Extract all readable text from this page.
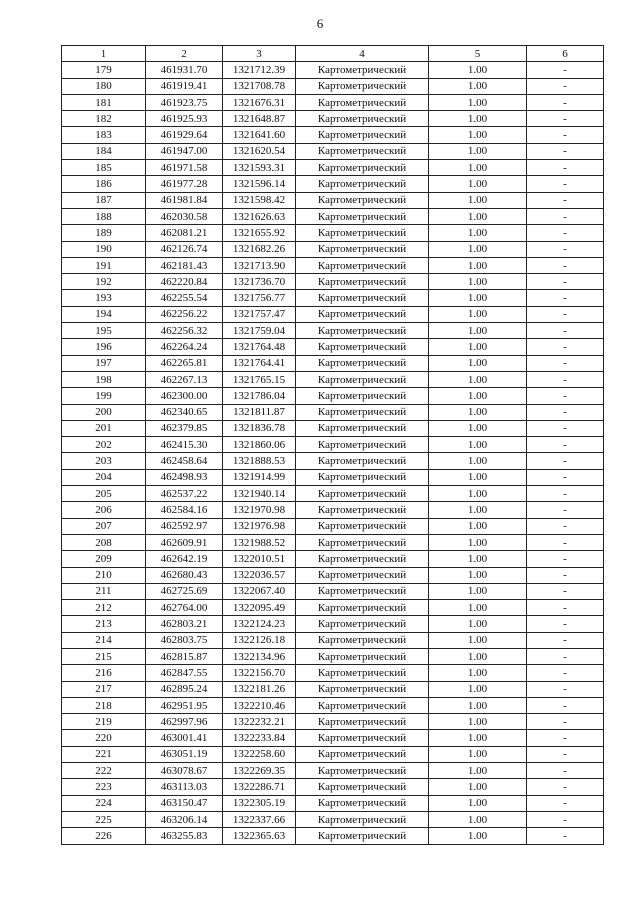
6
1	2	3	4	5	6
179	461931.70	1321712.39	Картометрический	1.00	-
180	461919.41	1321708.78	Картометрический	1.00	-
181	461923.75	1321676.31	Картометрический	1.00	-
182	461925.93	1321648.87	Картометрический	1.00	-
183	461929.64	1321641.60	Картометрический	1.00	-
184	461947.00	1321620.54	Картометрический	1.00	-
185	461971.58	1321593.31	Картометрический	1.00	-
186	461977.28	1321596.14	Картометрический	1.00	-
187	461981.84	1321598.42	Картометрический	1.00	-
188	462030.58	1321626.63	Картометрический	1.00	-
189	462081.21	1321655.92	Картометрический	1.00	-
190	462126.74	1321682.26	Картометрический	1.00	-
191	462181.43	1321713.90	Картометрический	1.00	-
192	462220.84	1321736.70	Картометрический	1.00	-
193	462255.54	1321756.77	Картометрический	1.00	-
194	462256.22	1321757.47	Картометрический	1.00	-
195	462256.32	1321759.04	Картометрический	1.00	-
196	462264.24	1321764.48	Картометрический	1.00	-
197	462265.81	1321764.41	Картометрический	1.00	-
198	462267.13	1321765.15	Картометрический	1.00	-
199	462300.00	1321786.04	Картометрический	1.00	-
200	462340.65	1321811.87	Картометрический	1.00	-
201	462379.85	1321836.78	Картометрический	1.00	-
202	462415.30	1321860.06	Картометрический	1.00	-
203	462458.64	1321888.53	Картометрический	1.00	-
204	462498.93	1321914.99	Картометрический	1.00	-
205	462537.22	1321940.14	Картометрический	1.00	-
206	462584.16	1321970.98	Картометрический	1.00	-
207	462592.97	1321976.98	Картометрический	1.00	-
208	462609.91	1321988.52	Картометрический	1.00	-
209	462642.19	1322010.51	Картометрический	1.00	-
210	462680.43	1322036.57	Картометрический	1.00	-
211	462725.69	1322067.40	Картометрический	1.00	-
212	462764.00	1322095.49	Картометрический	1.00	-
213	462803.21	1322124.23	Картометрический	1.00	-
214	462803.75	1322126.18	Картометрический	1.00	-
215	462815.87	1322134.96	Картометрический	1.00	-
216	462847.55	1322156.70	Картометрический	1.00	-
217	462895.24	1322181.26	Картометрический	1.00	-
218	462951.95	1322210.46	Картометрический	1.00	-
219	462997.96	1322232.21	Картометрический	1.00	-
220	463001.41	1322233.84	Картометрический	1.00	-
221	463051.19	1322258.60	Картометрический	1.00	-
222	463078.67	1322269.35	Картометрический	1.00	-
223	463113.03	1322286.71	Картометрический	1.00	-
224	463150.47	1322305.19	Картометрический	1.00	-
225	463206.14	1322337.66	Картометрический	1.00	-
226	463255.83	1322365.63	Картометрический	1.00	-
